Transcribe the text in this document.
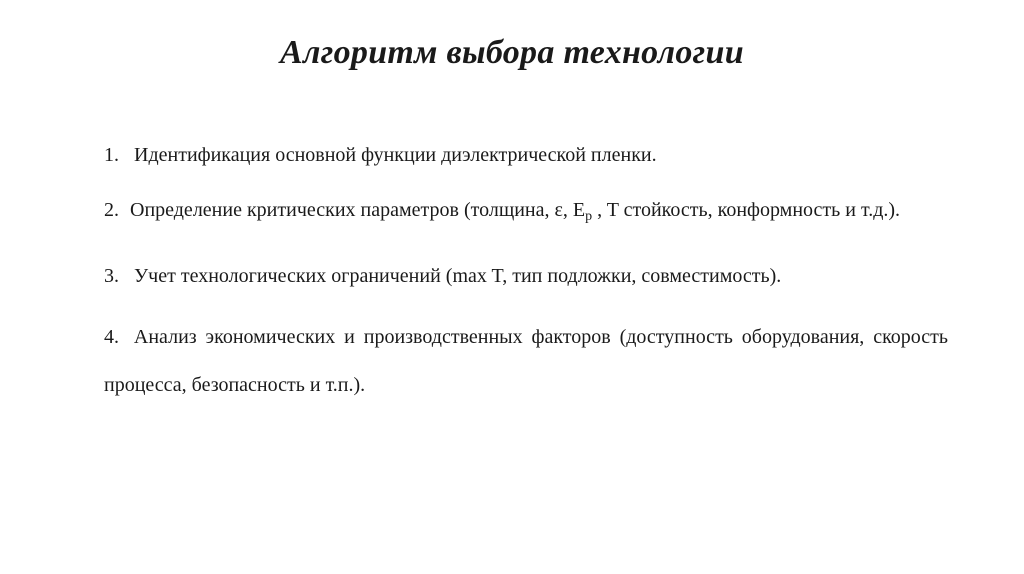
Алгоритм выбора технологии

1. Идентификация основной функции диэлектрической пленки.

2. Определение критических параметров (толщина, ε, $E_p$ , T стойкость, конформность и т.д.).

3. Учет технологических ограничений (max T, тип подложки, совместимость).

4. Анализ экономических и производственных факторов (доступность оборудования, скорость процесса, безопасность и т.п.).
